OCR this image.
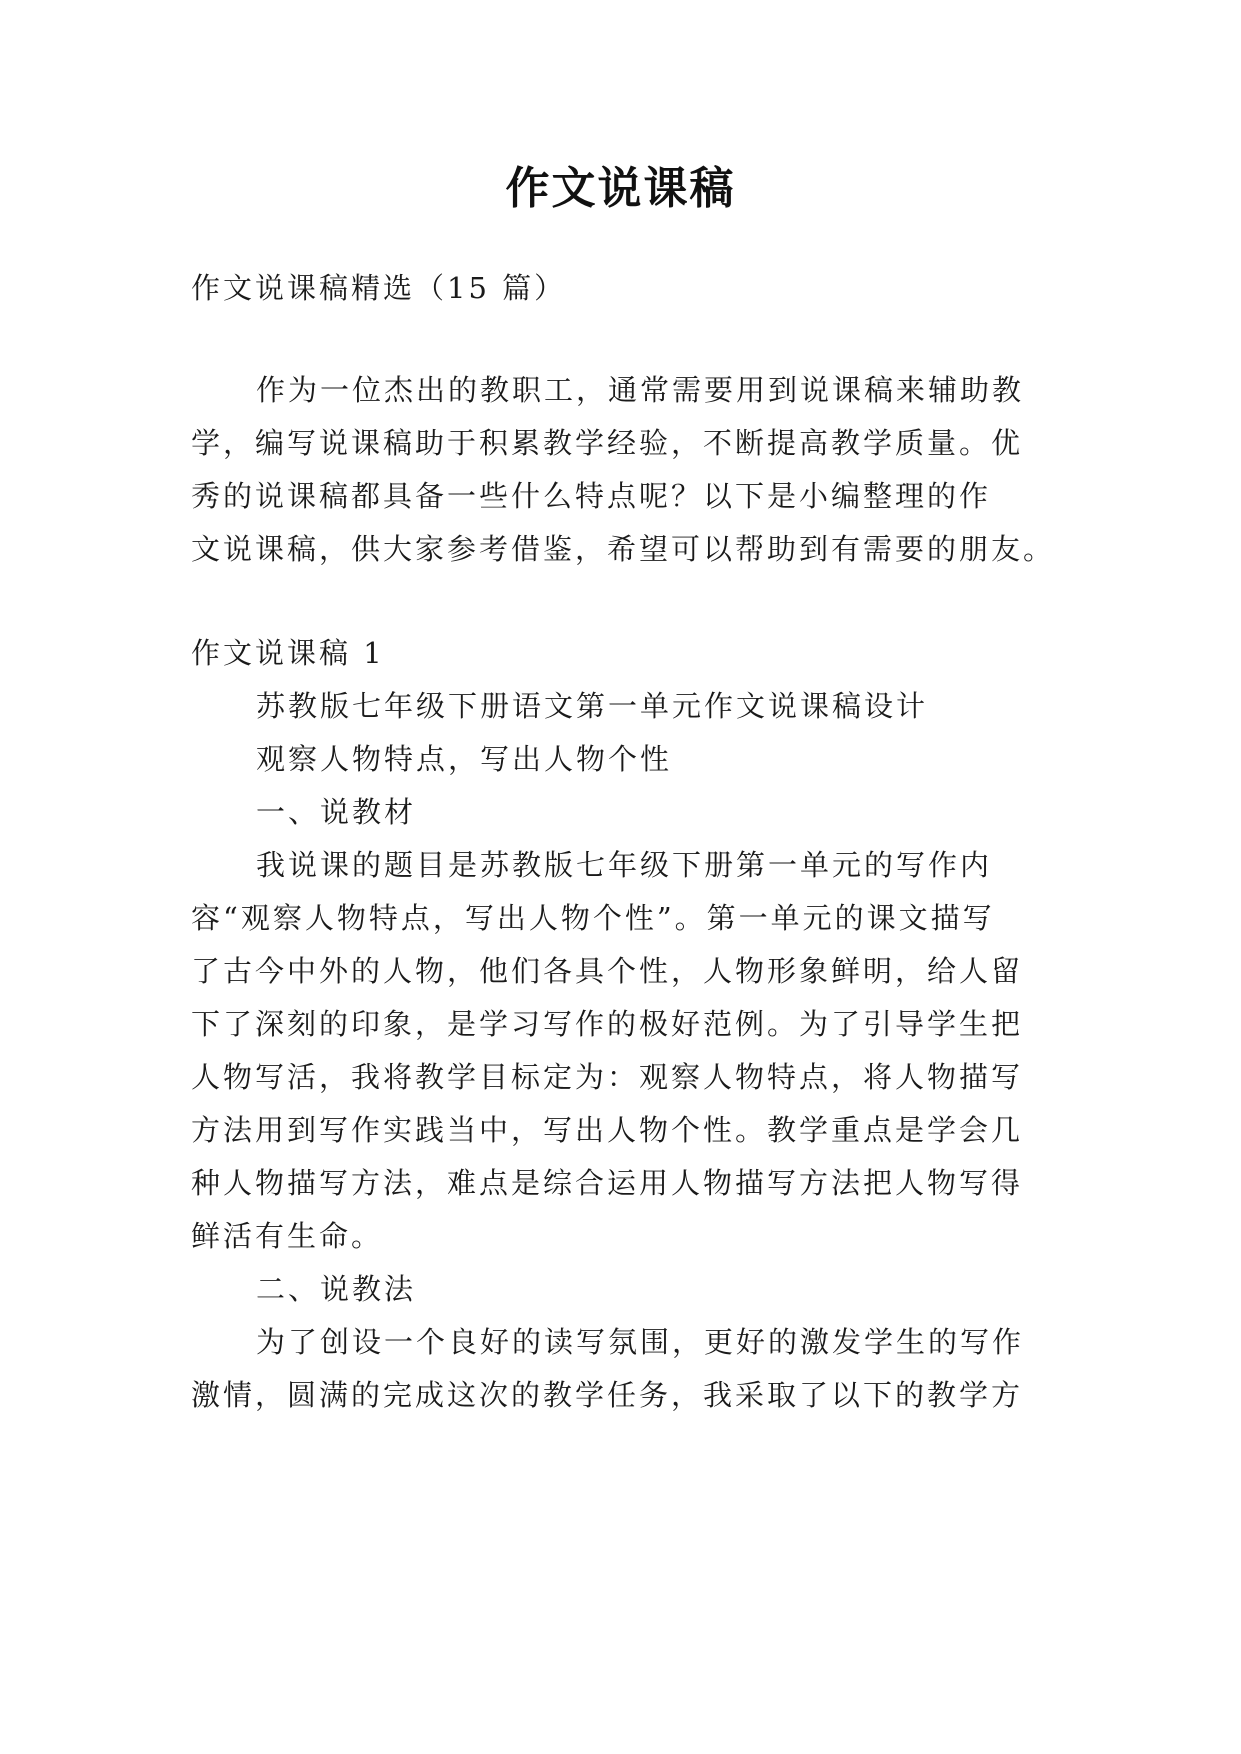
作文说课稿
作文说课稿精选（15 篇）
作为一位杰出的教职工，通常需要用到说课稿来辅助教
学，编写说课稿助于积累教学经验，不断提高教学质量。优
秀的说课稿都具备一些什么特点呢？以下是小编整理的作
文说课稿，供大家参考借鉴，希望可以帮助到有需要的朋友。
作文说课稿 1
苏教版七年级下册语文第一单元作文说课稿设计
观察人物特点，写出人物个性
一、说教材
我说课的题目是苏教版七年级下册第一单元的写作内
容“观察人物特点，写出人物个性”。第一单元的课文描写
了古今中外的人物，他们各具个性，人物形象鲜明，给人留
下了深刻的印象，是学习写作的极好范例。为了引导学生把
人物写活，我将教学目标定为：观察人物特点，将人物描写
方法用到写作实践当中，写出人物个性。教学重点是学会几
种人物描写方法，难点是综合运用人物描写方法把人物写得
鲜活有生命。
二、说教法
为了创设一个良好的读写氛围，更好的激发学生的写作
激情，圆满的完成这次的教学任务，我采取了以下的教学方
